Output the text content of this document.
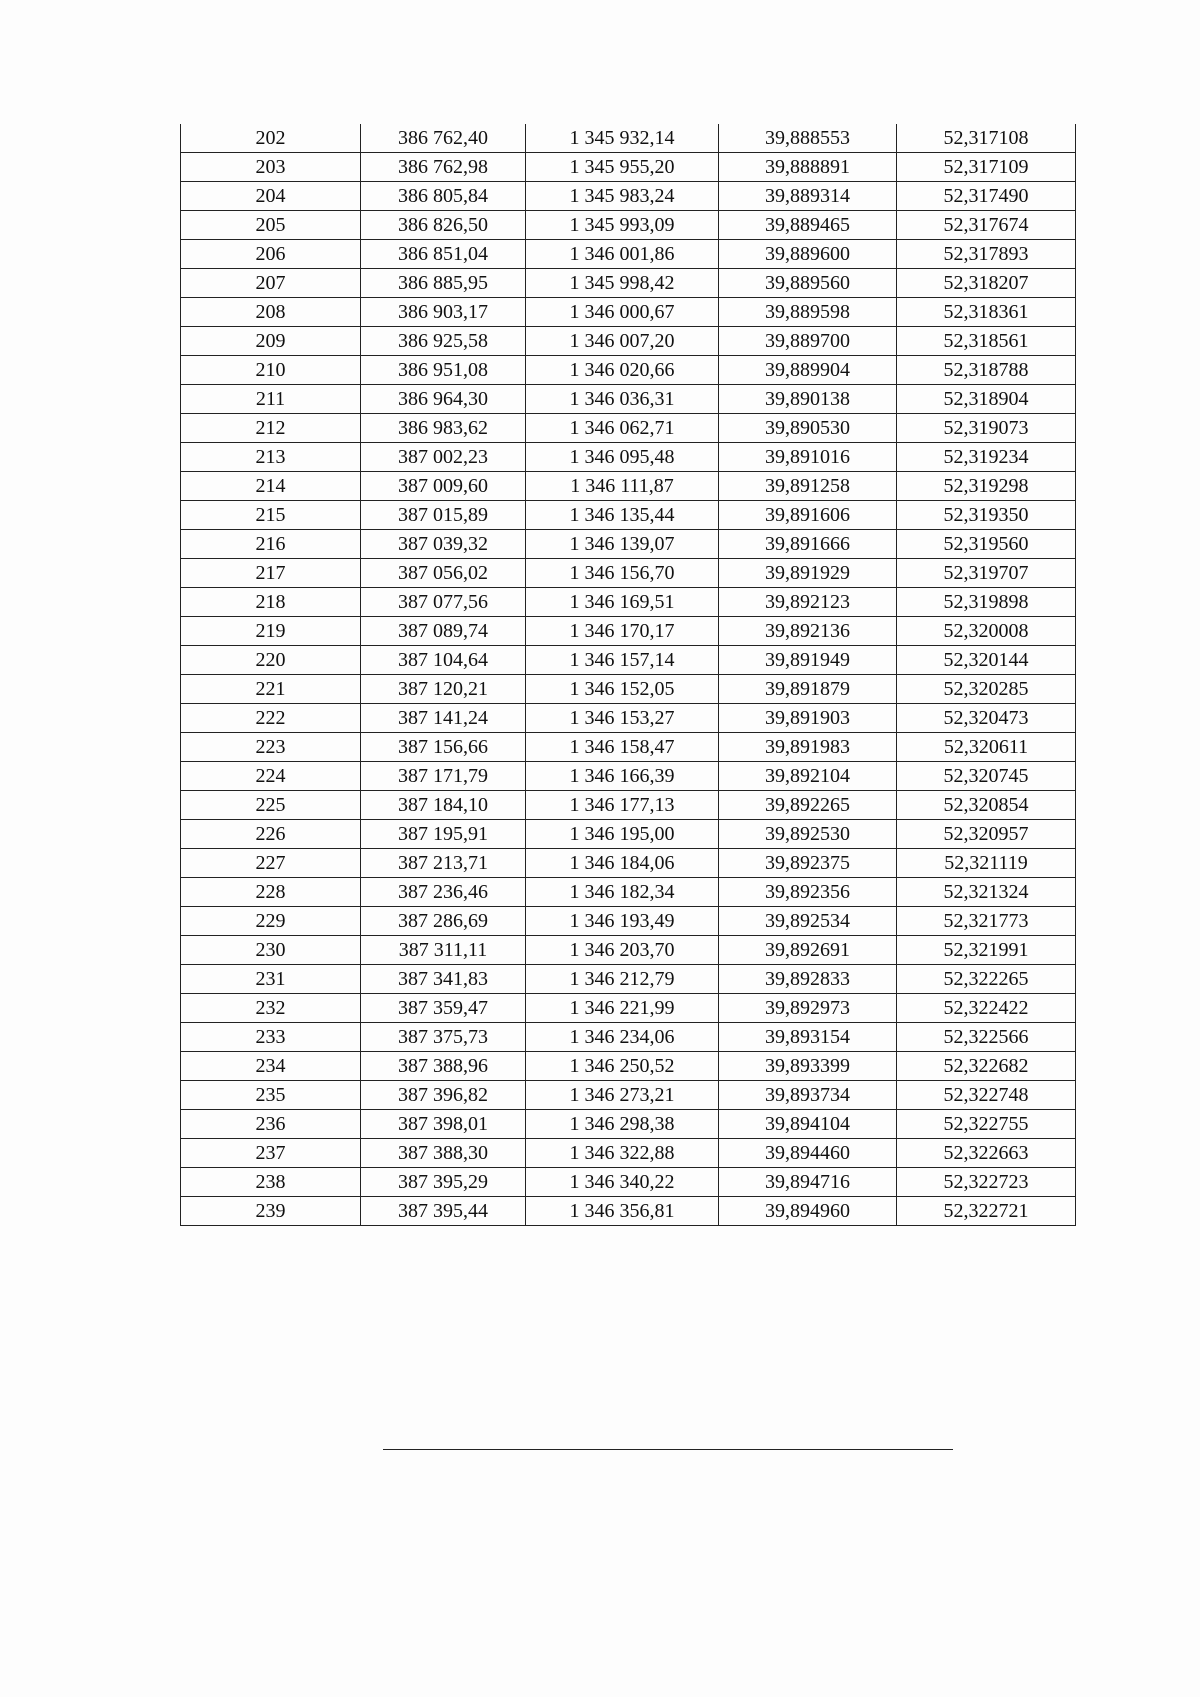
202	386 762,40	1 345 932,14	39,888553	52,317108
203	386 762,98	1 345 955,20	39,888891	52,317109
204	386 805,84	1 345 983,24	39,889314	52,317490
205	386 826,50	1 345 993,09	39,889465	52,317674
206	386 851,04	1 346 001,86	39,889600	52,317893
207	386 885,95	1 345 998,42	39,889560	52,318207
208	386 903,17	1 346 000,67	39,889598	52,318361
209	386 925,58	1 346 007,20	39,889700	52,318561
210	386 951,08	1 346 020,66	39,889904	52,318788
211	386 964,30	1 346 036,31	39,890138	52,318904
212	386 983,62	1 346 062,71	39,890530	52,319073
213	387 002,23	1 346 095,48	39,891016	52,319234
214	387 009,60	1 346 111,87	39,891258	52,319298
215	387 015,89	1 346 135,44	39,891606	52,319350
216	387 039,32	1 346 139,07	39,891666	52,319560
217	387 056,02	1 346 156,70	39,891929	52,319707
218	387 077,56	1 346 169,51	39,892123	52,319898
219	387 089,74	1 346 170,17	39,892136	52,320008
220	387 104,64	1 346 157,14	39,891949	52,320144
221	387 120,21	1 346 152,05	39,891879	52,320285
222	387 141,24	1 346 153,27	39,891903	52,320473
223	387 156,66	1 346 158,47	39,891983	52,320611
224	387 171,79	1 346 166,39	39,892104	52,320745
225	387 184,10	1 346 177,13	39,892265	52,320854
226	387 195,91	1 346 195,00	39,892530	52,320957
227	387 213,71	1 346 184,06	39,892375	52,321119
228	387 236,46	1 346 182,34	39,892356	52,321324
229	387 286,69	1 346 193,49	39,892534	52,321773
230	387 311,11	1 346 203,70	39,892691	52,321991
231	387 341,83	1 346 212,79	39,892833	52,322265
232	387 359,47	1 346 221,99	39,892973	52,322422
233	387 375,73	1 346 234,06	39,893154	52,322566
234	387 388,96	1 346 250,52	39,893399	52,322682
235	387 396,82	1 346 273,21	39,893734	52,322748
236	387 398,01	1 346 298,38	39,894104	52,322755
237	387 388,30	1 346 322,88	39,894460	52,322663
238	387 395,29	1 346 340,22	39,894716	52,322723
239	387 395,44	1 346 356,81	39,894960	52,322721
